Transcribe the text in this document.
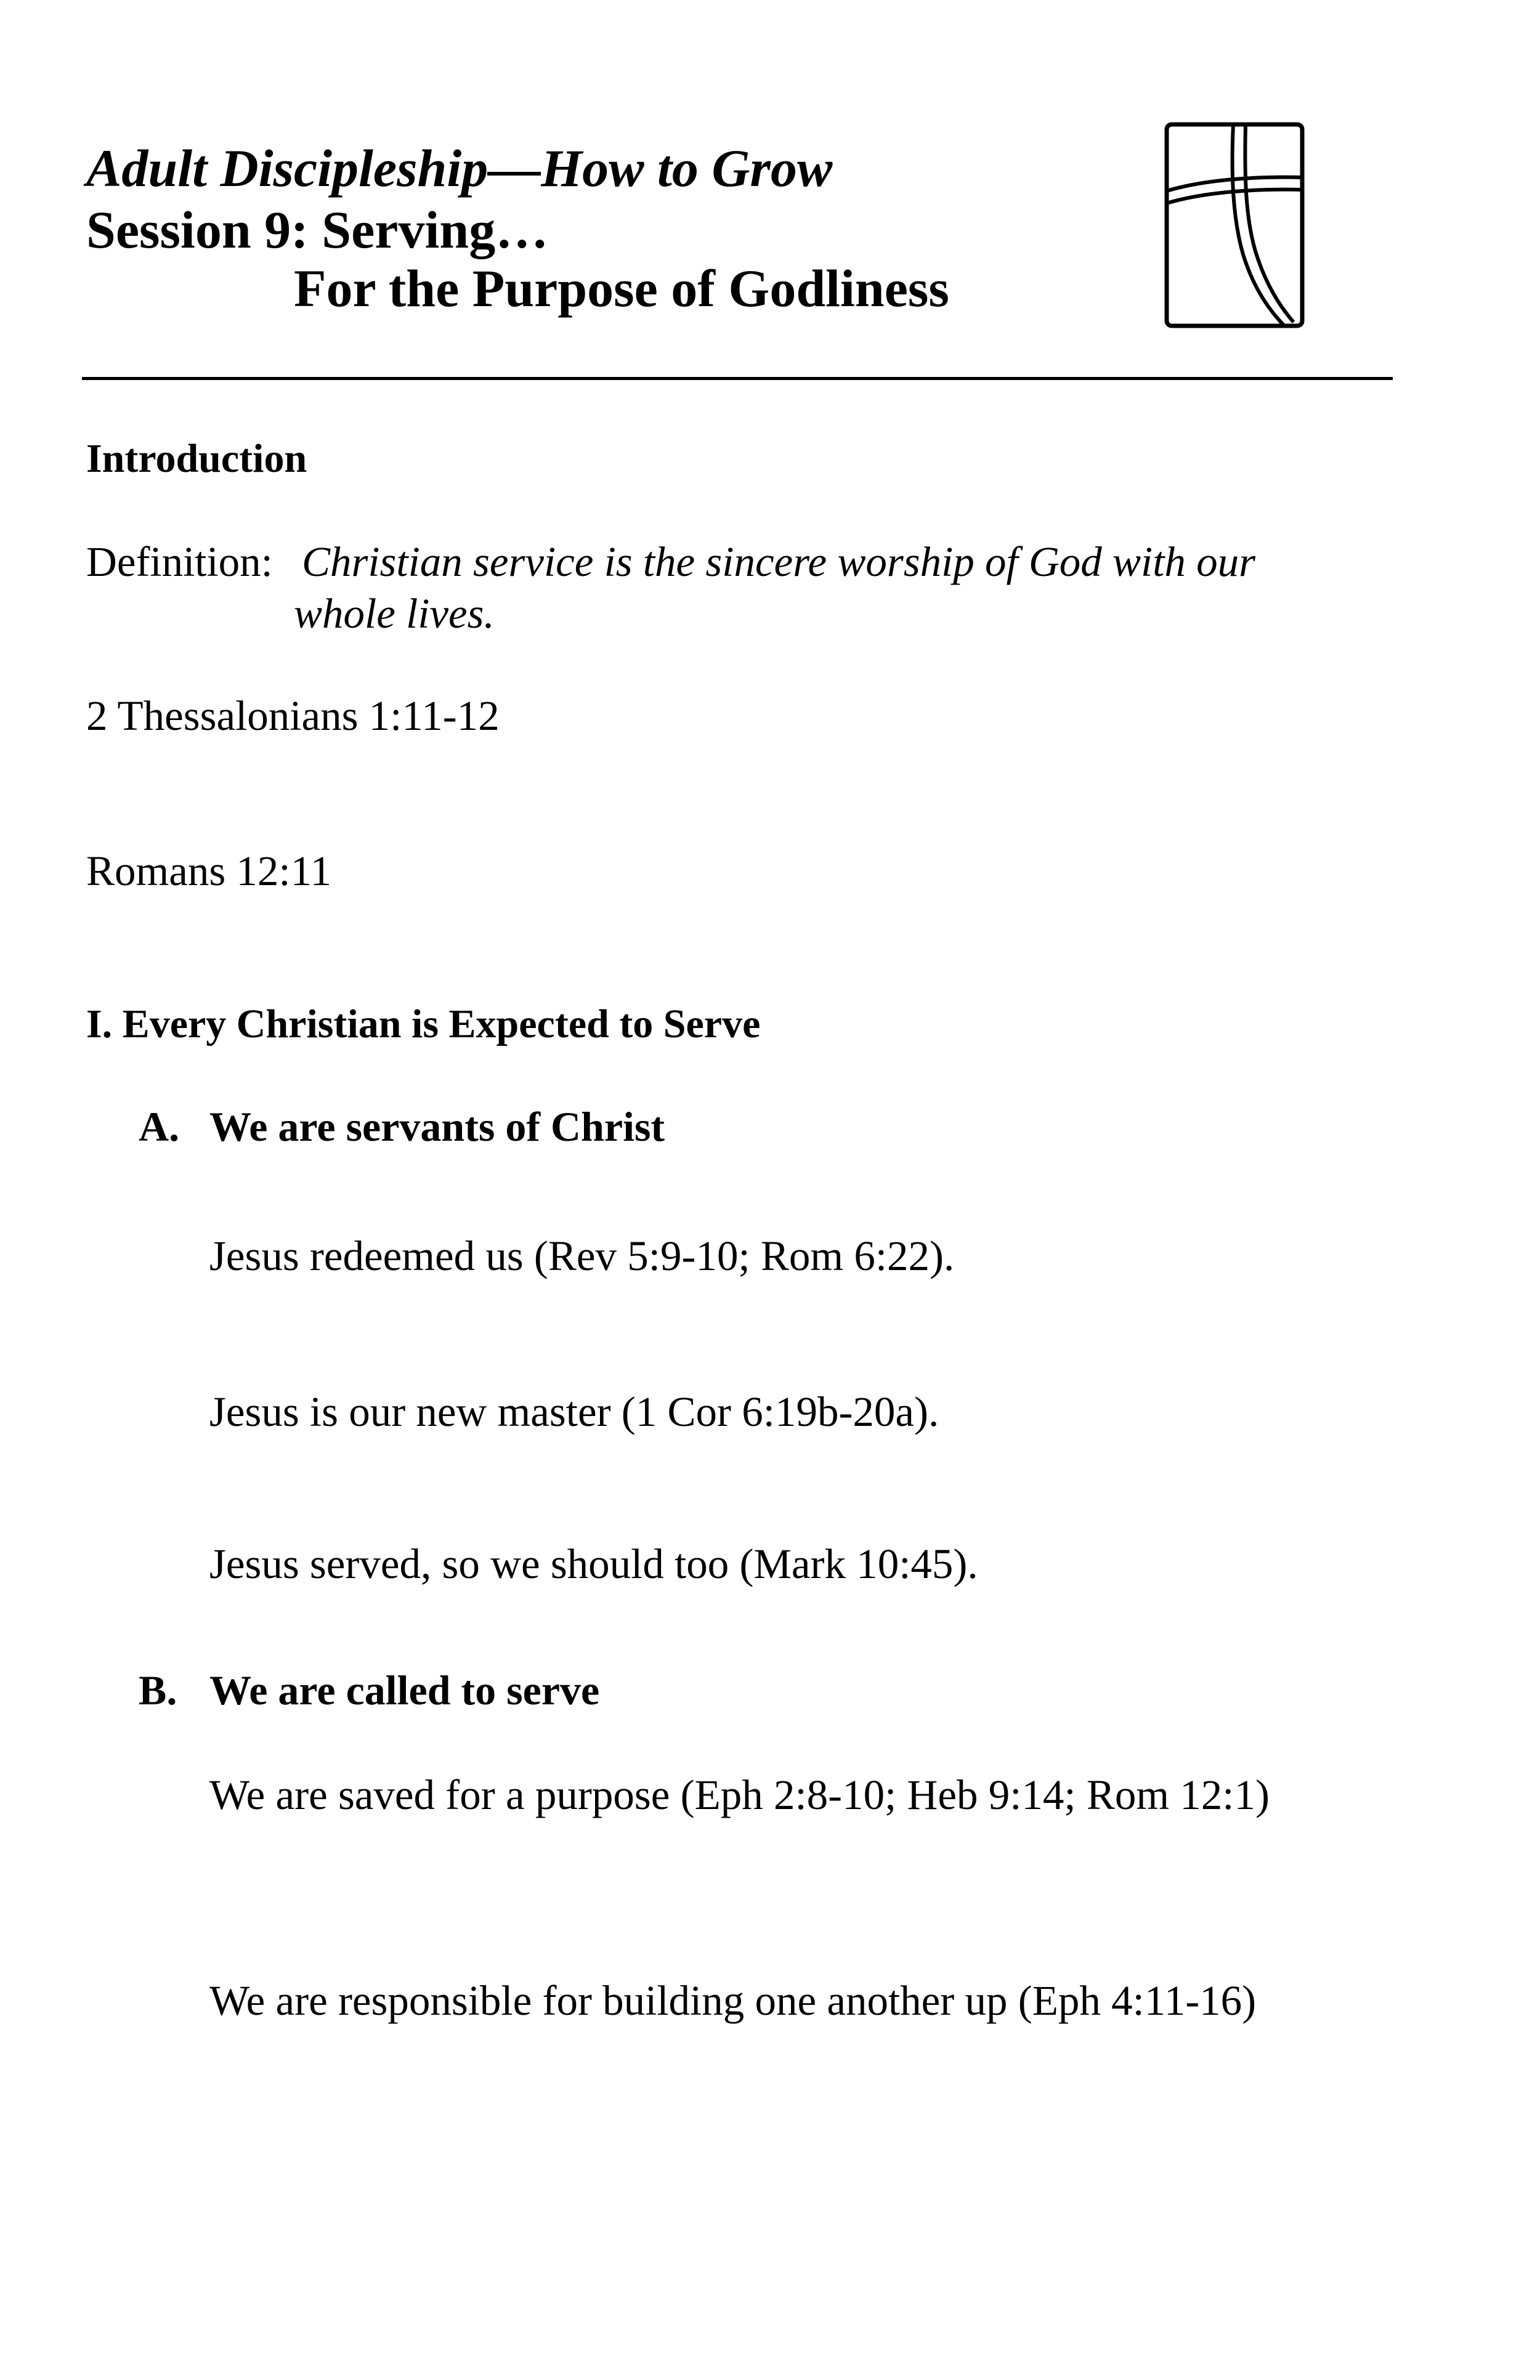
Adult Discipleship—How to Grow
Session 9: Serving…
For the Purpose of Godliness
Introduction
Definition: Christian service is the sincere worship of God with our
whole lives.
2 Thessalonians 1:11-12
Romans 12:11
I. Every Christian is Expected to Serve
A. We are servants of Christ
Jesus redeemed us (Rev 5:9-10; Rom 6:22).
Jesus is our new master (1 Cor 6:19b-20a).
Jesus served, so we should too (Mark 10:45).
B. We are called to serve
We are saved for a purpose (Eph 2:8-10; Heb 9:14; Rom 12:1)
We are responsible for building one another up (Eph 4:11-16)
